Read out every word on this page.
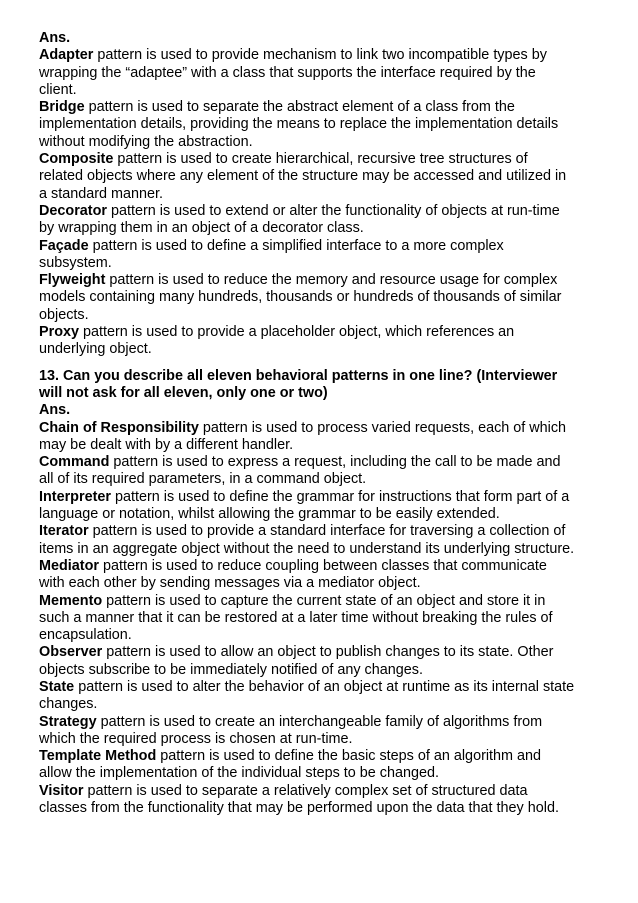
Ans.
Adapter pattern is used to provide mechanism to link two incompatible types by
wrapping the “adaptee” with a class that supports the interface required by the
client.
Bridge pattern is used to separate the abstract element of a class from the
implementation details, providing the means to replace the implementation details
without modifying the abstraction.
Composite pattern is used to create hierarchical, recursive tree structures of
related objects where any element of the structure may be accessed and utilized in
a standard manner.
Decorator pattern is used to extend or alter the functionality of objects at run-time
by wrapping them in an object of a decorator class.
Façade pattern is used to define a simplified interface to a more complex
subsystem.
Flyweight pattern is used to reduce the memory and resource usage for complex
models containing many hundreds, thousands or hundreds of thousands of similar
objects.
Proxy pattern is used to provide a placeholder object, which references an
underlying object.
13. Can you describe all eleven behavioral patterns in one line? (Interviewer
will not ask for all eleven, only one or two)
Ans.
Chain of Responsibility pattern is used to process varied requests, each of which
may be dealt with by a different handler.
Command pattern is used to express a request, including the call to be made and
all of its required parameters, in a command object.
Interpreter pattern is used to define the grammar for instructions that form part of a
language or notation, whilst allowing the grammar to be easily extended.
Iterator pattern is used to provide a standard interface for traversing a collection of
items in an aggregate object without the need to understand its underlying structure.
Mediator pattern is used to reduce coupling between classes that communicate
with each other by sending messages via a mediator object.
Memento pattern is used to capture the current state of an object and store it in
such a manner that it can be restored at a later time without breaking the rules of
encapsulation.
Observer pattern is used to allow an object to publish changes to its state. Other
objects subscribe to be immediately notified of any changes.
State pattern is used to alter the behavior of an object at runtime as its internal state
changes.
Strategy pattern is used to create an interchangeable family of algorithms from
which the required process is chosen at run-time.
Template Method pattern is used to define the basic steps of an algorithm and
allow the implementation of the individual steps to be changed.
Visitor pattern is used to separate a relatively complex set of structured data
classes from the functionality that may be performed upon the data that they hold.
